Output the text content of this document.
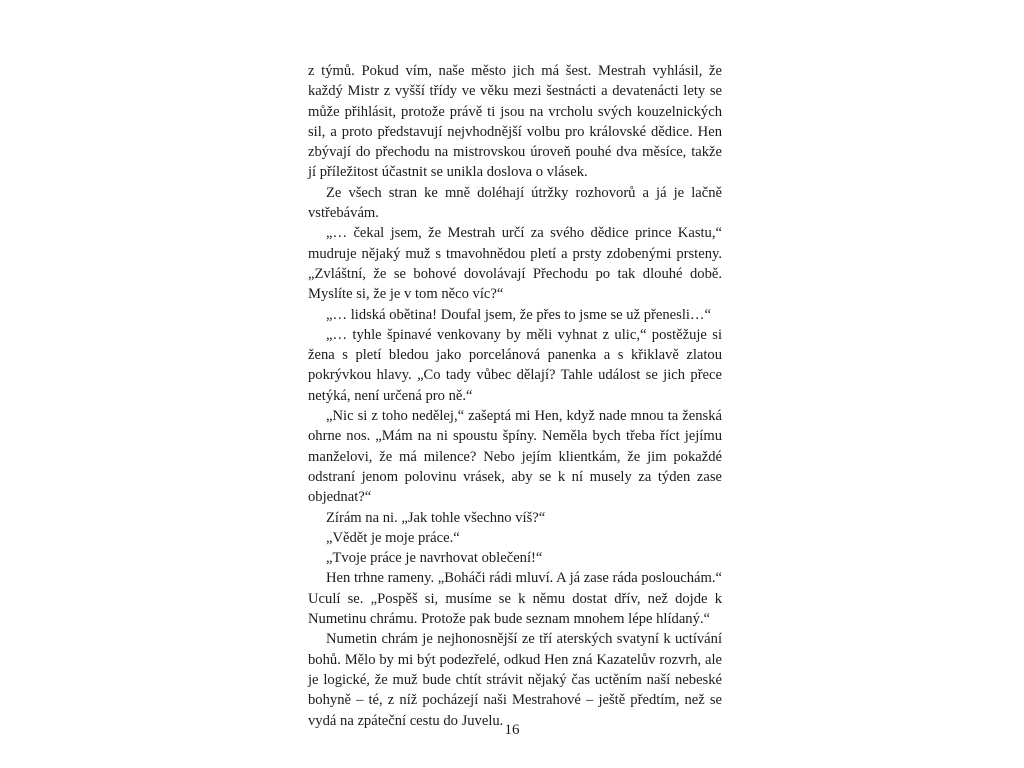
z týmů. Pokud vím, naše město jich má šest. Mestrah vyhlásil, že každý Mistr z vyšší třídy ve věku mezi šestnácti a devatenácti lety se může přihlásit, protože právě ti jsou na vrcholu svých kouzelnických sil, a proto představují nejvhodnější volbu pro královské dědice. Hen zbývají do přechodu na mistrovskou úroveň pouhé dva měsíce, takže jí příležitost účastnit se unikla doslova o vlásek.

Ze všech stran ke mně doléhají útržky rozhovorů a já je lačně vstřebávám.

„… čekal jsem, že Mestrah určí za svého dědice prince Kastu,“ mudruje nějaký muž s tmavohnědou pletí a prsty zdobenými prsteny. „Zvláštní, že se bohové dovolávají Přechodu po tak dlouhé době. Myslíte si, že je v tom něco víc?“

„… lidská obětina! Doufal jsem, že přes to jsme se už přenesli…“

„… tyhle špinavé venkovany by měli vyhnat z ulic,“ postěžuje si žena s pletí bledou jako porcelánová panenka a s křiklavě zlatou pokrývkou hlavy. „Co tady vůbec dělají? Tahle událost se jich přece netýká, není určená pro ně.“

„Nic si z toho nedělej,“ zašeptá mi Hen, když nade mnou ta ženská ohrne nos. „Mám na ni spoustu špíny. Neměla bych třeba říct jejímu manželovi, že má milence? Nebo jejím klientkám, že jim pokaždé odstraní jenom polovinu vrásek, aby se k ní musely za týden zase objednat?“

Zírám na ni. „Jak tohle všechno víš?“

„Vědět je moje práce.“

„Tvoje práce je navrhovat oblečení!“

Hen trhne rameny. „Boháči rádi mluví. A já zase ráda poslouchám.“ Uculí se. „Pospěš si, musíme se k němu dostat dřív, než dojde k Numetinu chrámu. Protože pak bude seznam mnohem lépe hlídaný.“

Numetin chrám je nejhonosnější ze tří aterských svatyní k uctívání bohů. Mělo by mi být podezřelé, odkud Hen zná Kazatelův rozvrh, ale je logické, že muž bude chtít strávit nějaký čas uctěním naší nebeské bohyně – té, z níž pocházejí naši Mestrahové – ještě předtím, než se vydá na zpáteční cestu do Juvelu.

16
